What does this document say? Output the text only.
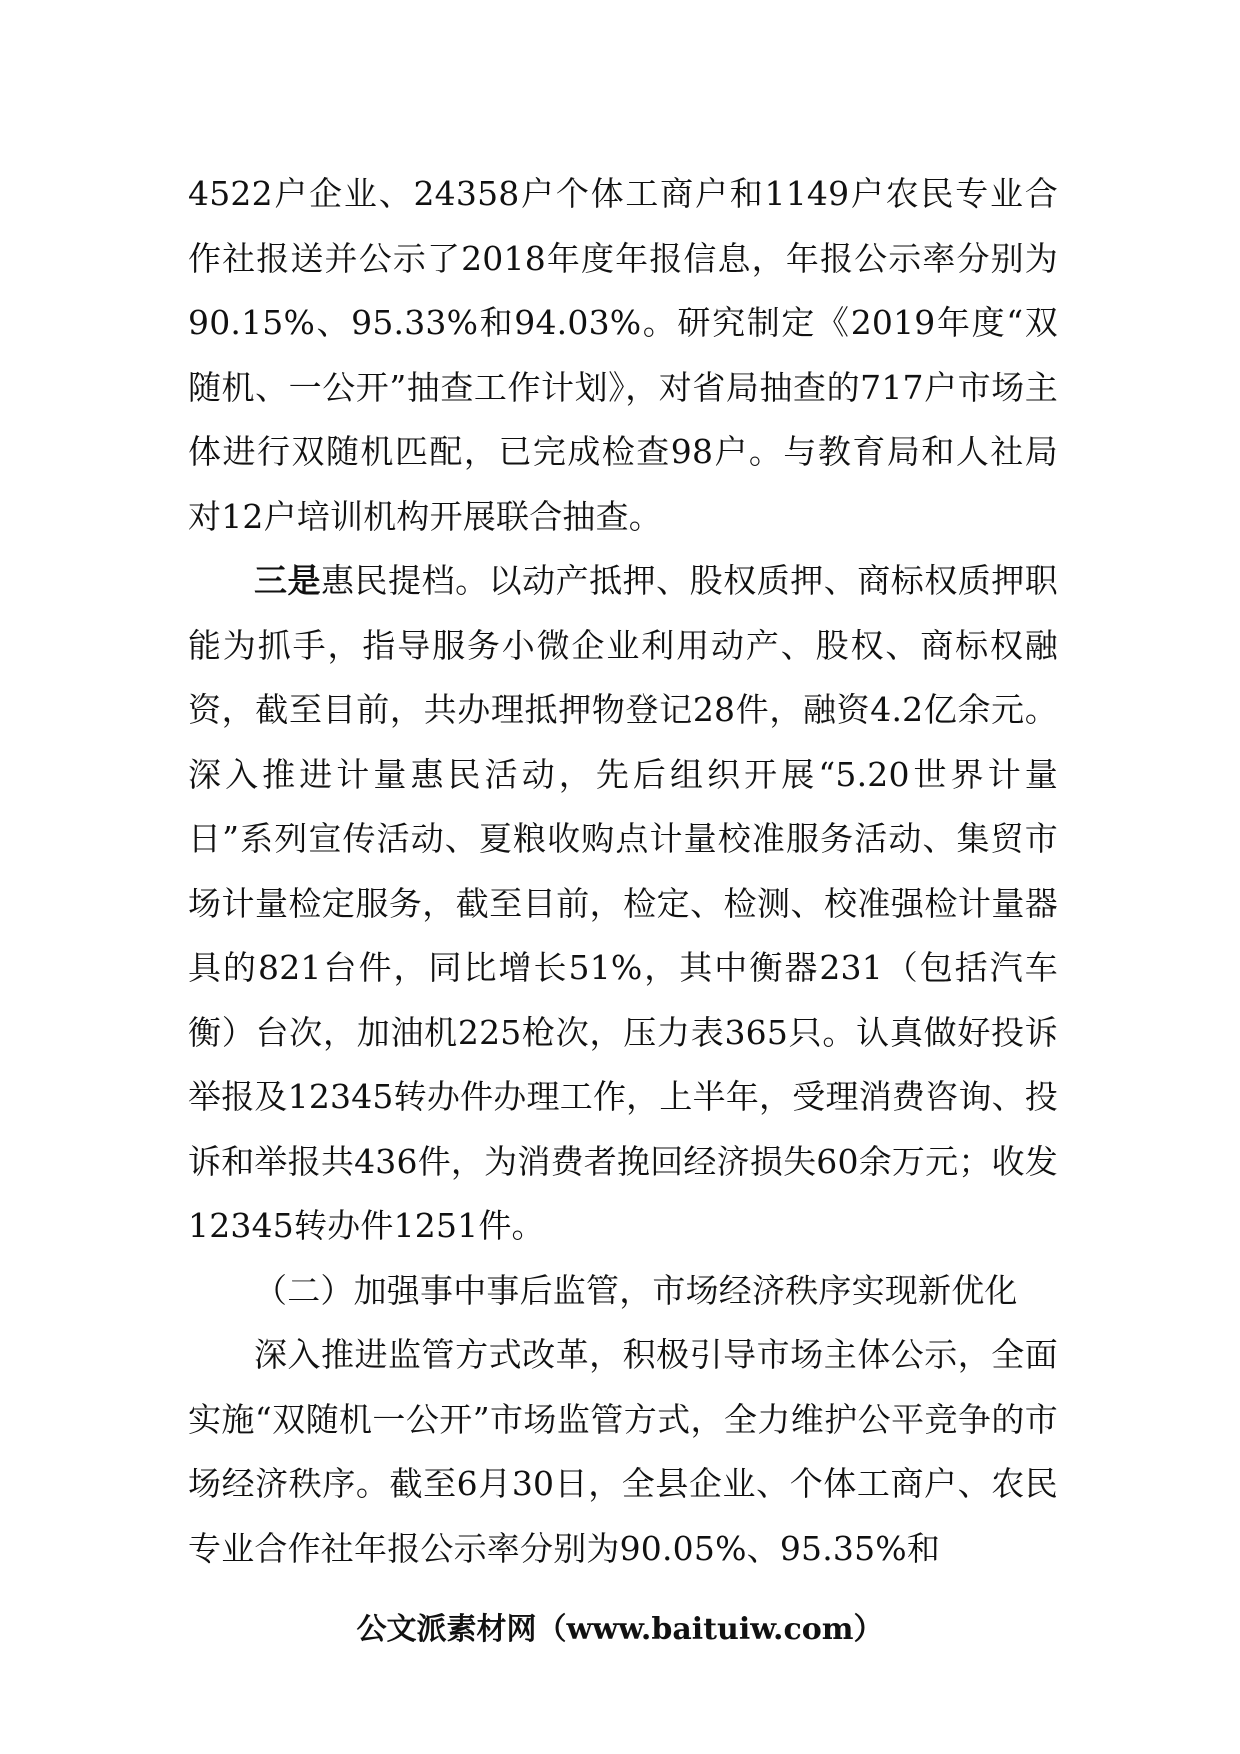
4522户企业、24358户个体工商户和1149户农民专业合作社报送并公示了2018年度年报信息，年报公示率分别为90.15%、95.33%和94.03%。研究制定《2019年度“双随机、一公开”抽查工作计划》，对省局抽查的717户市场主体进行双随机匹配，已完成检查98户。与教育局和人社局对12户培训机构开展联合抽查。

三是惠民提档。以动产抵押、股权质押、商标权质押职能为抓手，指导服务小微企业利用动产、股权、商标权融资，截至目前，共办理抵押物登记28件，融资4.2亿余元。深入推进计量惠民活动，先后组织开展“5.20世界计量日”系列宣传活动、夏粮收购点计量校准服务活动、集贸市场计量检定服务，截至目前，检定、检测、校准强检计量器具的821台件，同比增长51%，其中衡器231（包括汽车衡）台次，加油机225枪次，压力表365只。认真做好投诉举报及12345转办件办理工作，上半年，受理消费咨询、投诉和举报共436件，为消费者挽回经济损失60余万元；收发12345转办件1251件。

（二）加强事中事后监管，市场经济秩序实现新优化

深入推进监管方式改革，积极引导市场主体公示，全面实施“双随机一公开”市场监管方式，全力维护公平竞争的市场经济秩序。截至6月30日，全县企业、个体工商户、农民专业合作社年报公示率分别为90.05%、95.35%和

公文派素材网（www.baituiw.com）
